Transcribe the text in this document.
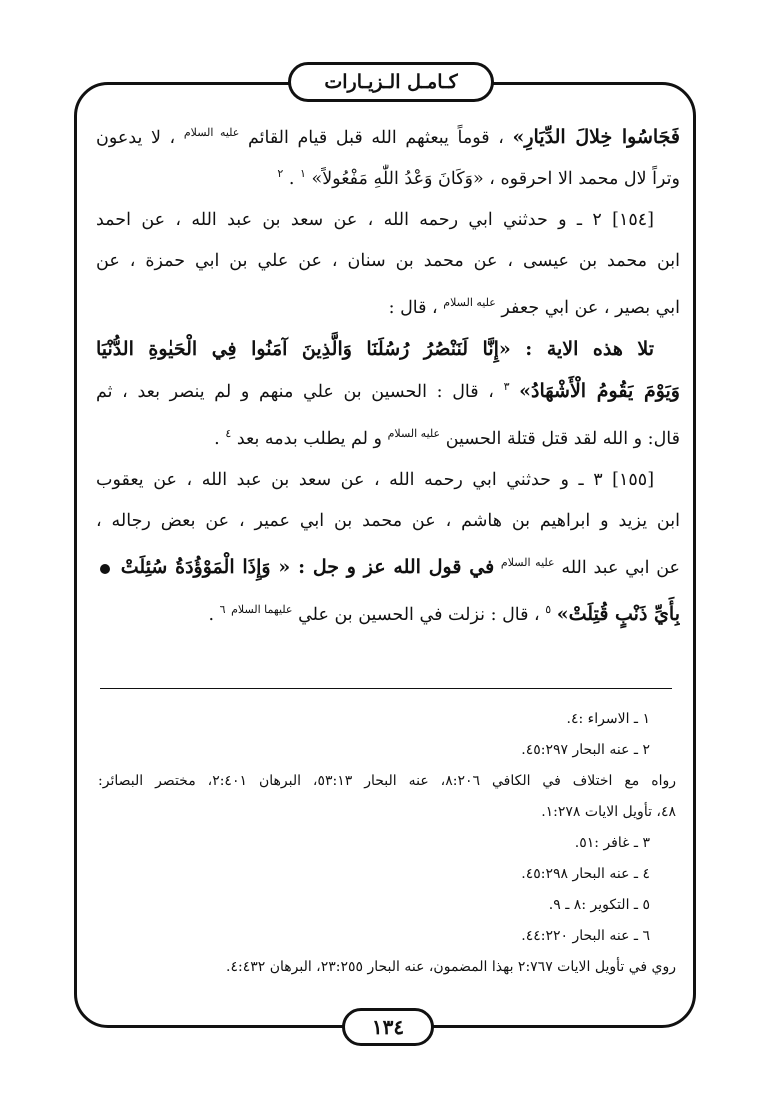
كـامـل الـزيـارات
فَجَاسُوا خِلالَ الدِّيَارِ» ، قوماً يبعثهم الله قبل قيام القائم $^{عليه السلام}$ ، لا يدعون
وتراً لال محمد الا احرقوه ، «وَكَانَ وَعْدُ اللّٰهِ مَفْعُولاً» $^١$ . $^٢$
[١٥٤] ٢ ـ و حدثني ابي رحمه الله ، عن سعد بن عبد الله ، عن احمد
ابن محمد بن عيسى ، عن محمد بن سنان ، عن علي بن ابي حمزة ، عن
ابي بصير ، عن ابي جعفر $^{عليه السلام}$ ، قال :
تلا هذه الاية : «إِنَّا لَنَنْصُرُ رُسُلَنَا وَالَّذِينَ آمَنُوا فِي الْحَيٰوةِ الدُّنْيَا
وَيَوْمَ يَقُومُ الْأَشْهَادُ» $^٣$ ، قال : الحسين بن علي منهم و لم ينصر بعد ، ثم
قال: و الله لقد قتل قتلة الحسين $^{عليه السلام}$ و لم يطلب بدمه بعد $^٤$ .
[١٥٥] ٣ ـ و حدثني ابي رحمه الله ، عن سعد بن عبد الله ، عن يعقوب
ابن يزيد و ابراهيم بن هاشم ، عن محمد بن ابي عمير ، عن بعض رجاله ،
عن ابي عبد الله $^{عليه السلام}$ في قول الله عز و جل : « وَإِذَا الْمَوْؤُدَةُ سُئِلَتْ
بِأَيِّ ذَنْبٍ قُتِلَتْ» $^٥$ ، قال : نزلت في الحسين بن علي $^{عليهما السلام}$ $^٦$ .
١ ـ الاسراء :٤.
٢ ـ عنه البحار ٤٥:٢٩٧.
رواه مع اختلاف في الكافي ٨:٢٠٦، عنه البحار ٥٣:١٣، البرهان ٢:٤٠١، مختصر البصائر:
٤٨، تأويل الايات ١:٢٧٨.
٣ ـ غافر :٥١.
٤ ـ عنه البحار ٤٥:٢٩٨.
٥ ـ التكوير :٨ ـ ٩.
٦ ـ عنه البحار ٤٤:٢٢٠.
روي في تأويل الايات ٢:٧٦٧ بهذا المضمون، عنه البحار ٢٣:٢٥٥، البرهان ٤:٤٣٢.
١٣٤
